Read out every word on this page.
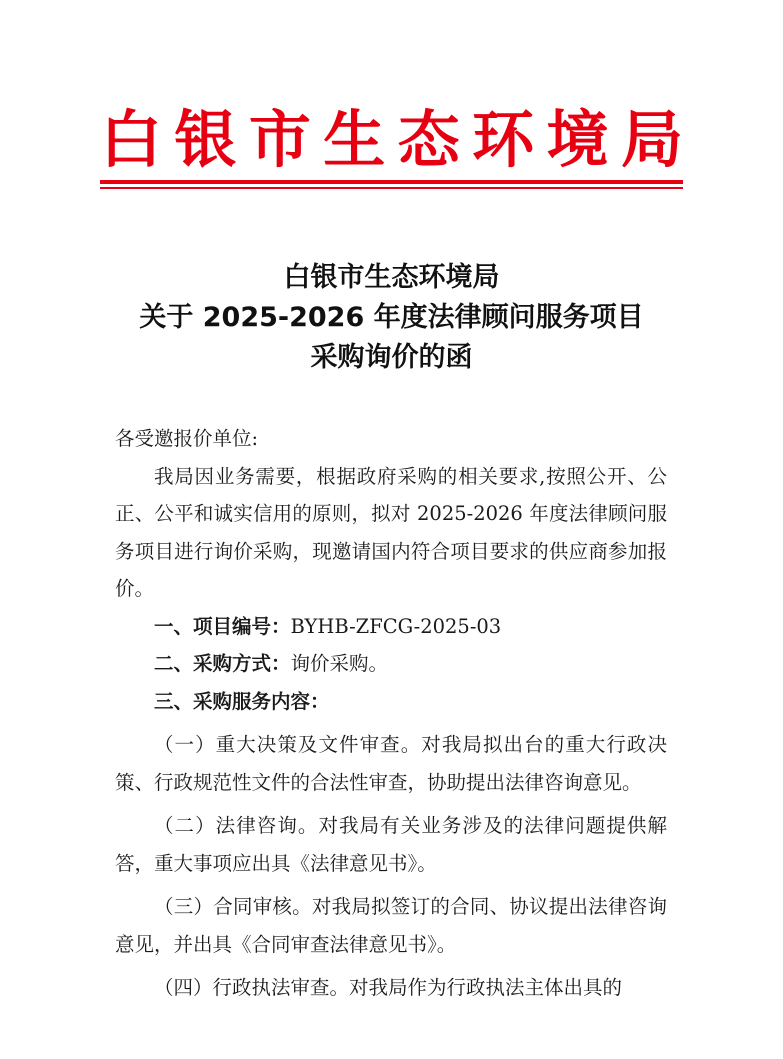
白 银 市 生 态 环 境 局
白银市生态环境局
关于 2025-2026 年度法律顾问服务项目
采购询价的函

各受邀报价单位:

我局因业务需要，根据政府采购的相关要求,按照公开、公正、公平和诚实信用的原则，拟对 2025-2026 年度法律顾问服务项目进行询价采购，现邀请国内符合项目要求的供应商参加报价。

一、项目编号：BYHB-ZFCG-2025-03

二、采购方式：询价采购。

三、采购服务内容：

（一）重大决策及文件审查。对我局拟出台的重大行政决策、行政规范性文件的合法性审查，协助提出法律咨询意见。

（二）法律咨询。对我局有关业务涉及的法律问题提供解答，重大事项应出具《法律意见书》。

（三）合同审核。对我局拟签订的合同、协议提出法律咨询意见，并出具《合同审查法律意见书》。

（四）行政执法审查。对我局作为行政执法主体出具的
